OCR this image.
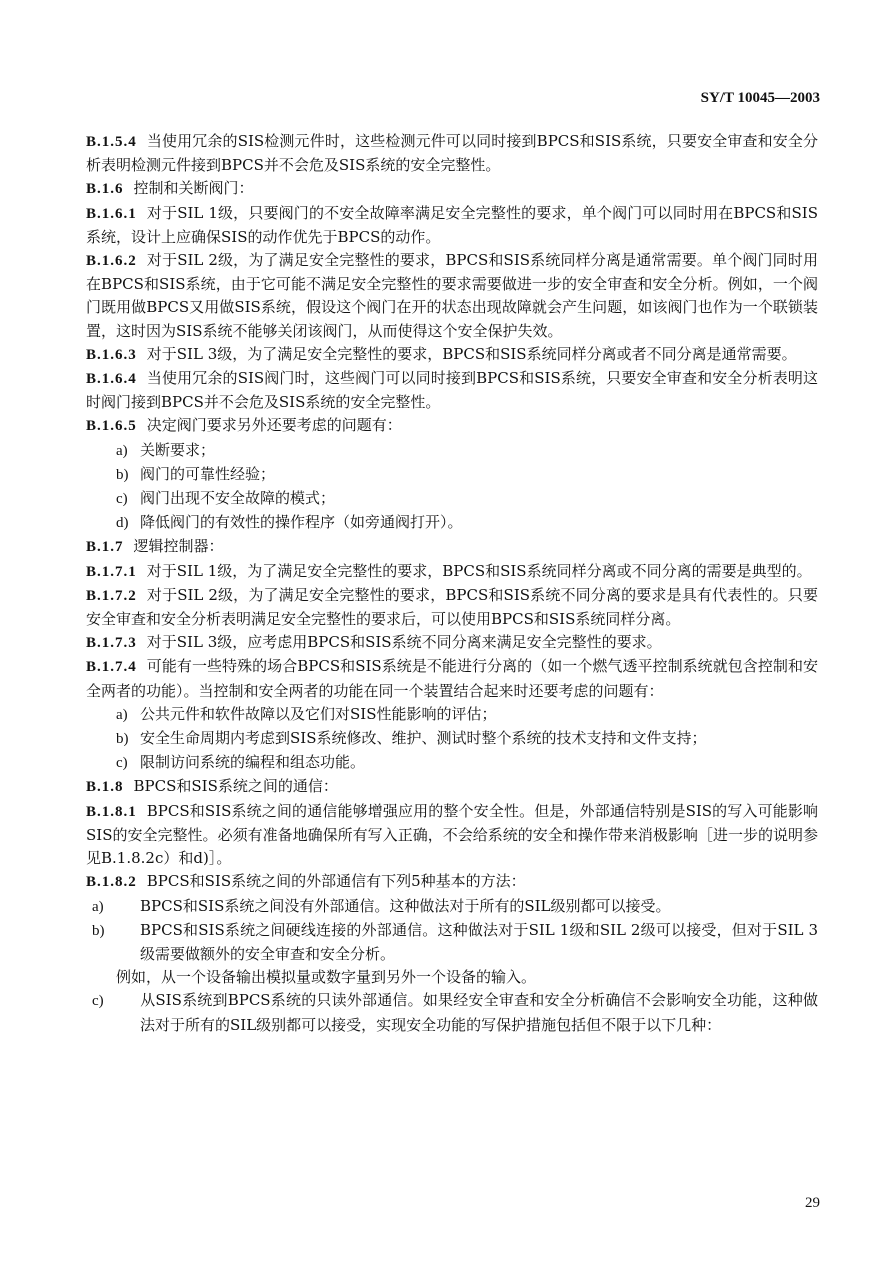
SY/T 10045—2003

B.1.5.4 当使用冗余的SIS检测元件时，这些检测元件可以同时接到BPCS和SIS系统，只要安全审查和安全分析表明检测元件接到BPCS并不会危及SIS系统的安全完整性。

B.1.6 控制和关断阀门：

B.1.6.1 对于SIL 1级，只要阀门的不安全故障率满足安全完整性的要求，单个阀门可以同时用在BPCS和SIS系统，设计上应确保SIS的动作优先于BPCS的动作。

B.1.6.2 对于SIL 2级，为了满足安全完整性的要求，BPCS和SIS系统同样分离是通常需要。单个阀门同时用在BPCS和SIS系统，由于它可能不满足安全完整性的要求需要做进一步的安全审查和安全分析。例如，一个阀门既用做BPCS又用做SIS系统，假设这个阀门在开的状态出现故障就会产生问题，如该阀门也作为一个联锁装置，这时因为SIS系统不能够关闭该阀门，从而使得这个安全保护失效。

B.1.6.3 对于SIL 3级，为了满足安全完整性的要求，BPCS和SIS系统同样分离或者不同分离是通常需要。

B.1.6.4 当使用冗余的SIS阀门时，这些阀门可以同时接到BPCS和SIS系统，只要安全审查和安全分析表明这时阀门接到BPCS并不会危及SIS系统的安全完整性。

B.1.6.5 决定阀门要求另外还要考虑的问题有：

a) 关断要求；

b) 阀门的可靠性经验；

c) 阀门出现不安全故障的模式；

d) 降低阀门的有效性的操作程序（如旁通阀打开）。

B.1.7 逻辑控制器：

B.1.7.1 对于SIL 1级，为了满足安全完整性的要求，BPCS和SIS系统同样分离或不同分离的需要是典型的。

B.1.7.2 对于SIL 2级，为了满足安全完整性的要求，BPCS和SIS系统不同分离的要求是具有代表性的。只要安全审查和安全分析表明满足安全完整性的要求后，可以使用BPCS和SIS系统同样分离。

B.1.7.3 对于SIL 3级，应考虑用BPCS和SIS系统不同分离来满足安全完整性的要求。

B.1.7.4 可能有一些特殊的场合BPCS和SIS系统是不能进行分离的（如一个燃气透平控制系统就包含控制和安全两者的功能）。当控制和安全两者的功能在同一个装置结合起来时还要考虑的问题有：

a) 公共元件和软件故障以及它们对SIS性能影响的评估；

b) 安全生命周期内考虑到SIS系统修改、维护、测试时整个系统的技术支持和文件支持；

c) 限制访问系统的编程和组态功能。

B.1.8 BPCS和SIS系统之间的通信：

B.1.8.1 BPCS和SIS系统之间的通信能够增强应用的整个安全性。但是，外部通信特别是SIS的写入可能影响SIS的安全完整性。必须有准备地确保所有写入正确，不会给系统的安全和操作带来消极影响［进一步的说明参见B.1.8.2c）和d)］。

B.1.8.2 BPCS和SIS系统之间的外部通信有下列5种基本的方法：

a) BPCS和SIS系统之间没有外部通信。这种做法对于所有的SIL级别都可以接受。

b) BPCS和SIS系统之间硬线连接的外部通信。这种做法对于SIL 1级和SIL 2级可以接受，但对于SIL 3级需要做额外的安全审查和安全分析。

例如，从一个设备输出模拟量或数字量到另外一个设备的输入。

c) 从SIS系统到BPCS系统的只读外部通信。如果经安全审查和安全分析确信不会影响安全功能，这种做法对于所有的SIL级别都可以接受，实现安全功能的写保护措施包括但不限于以下几种：

29
